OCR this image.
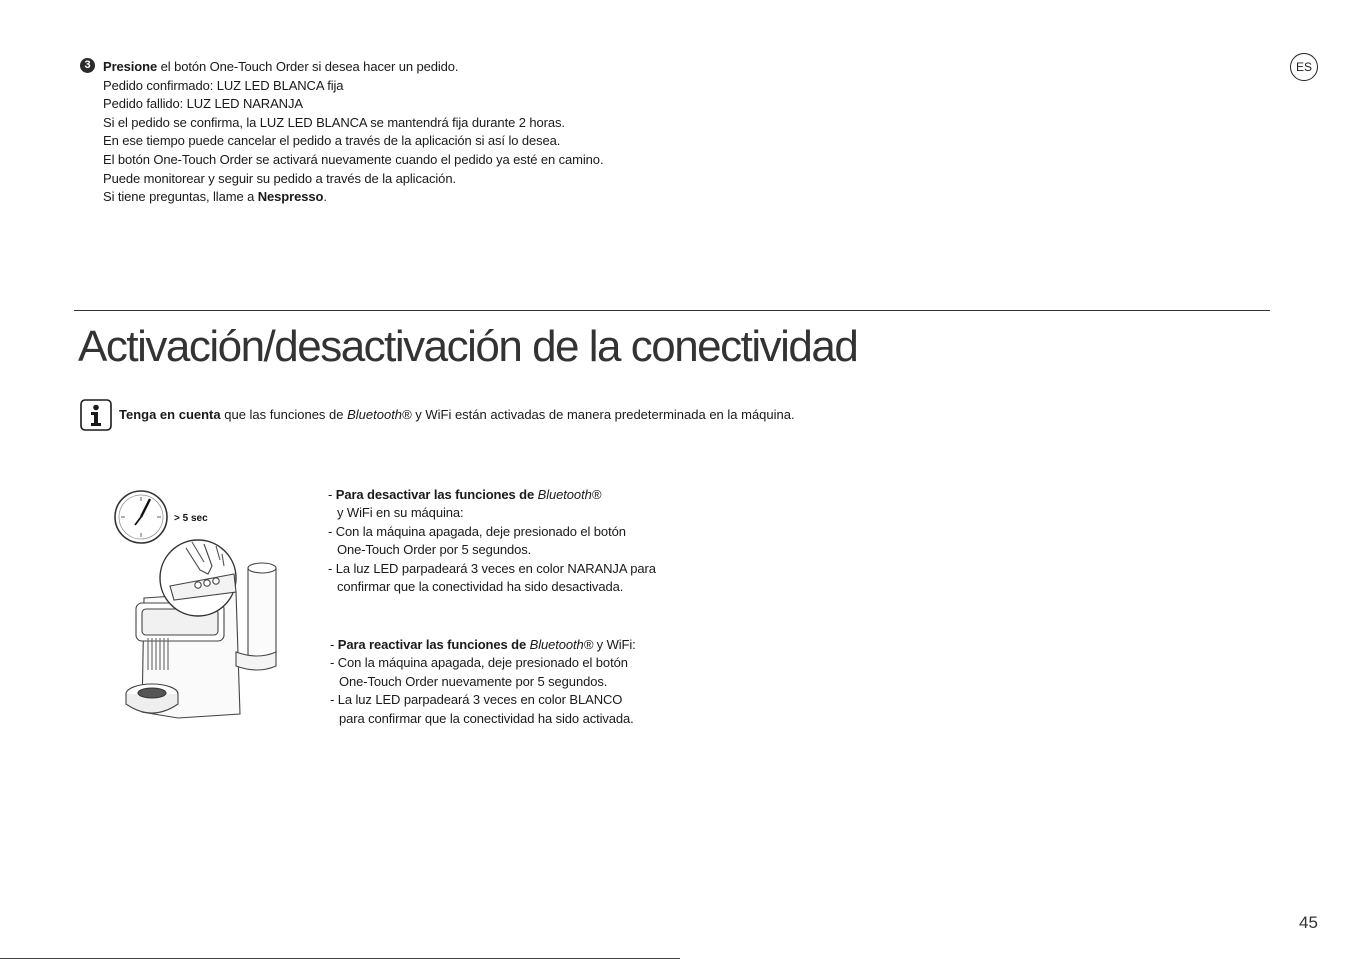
3 Presione el botón One-Touch Order si desea hacer un pedido.
Pedido confirmado: LUZ LED BLANCA fija
Pedido fallido: LUZ LED NARANJA
Si el pedido se confirma, la LUZ LED BLANCA se mantendrá fija durante 2 horas.
En ese tiempo puede cancelar el pedido a través de la aplicación si así lo desea.
El botón One-Touch Order se activará nuevamente cuando el pedido ya esté en camino.
Puede monitorear y seguir su pedido a través de la aplicación.
Si tiene preguntas, llame a Nespresso.
ES
Activación/desactivación de la conectividad
Tenga en cuenta que las funciones de Bluetooth® y WiFi están activadas de manera predeterminada en la máquina.
> 5 sec
- Para desactivar las funciones de Bluetooth®
y WiFi en su máquina:
- Con la máquina apagada, deje presionado el botón
One-Touch Order por 5 segundos.
- La luz LED parpadeará 3 veces en color NARANJA para
confirmar que la conectividad ha sido desactivada.
- Para reactivar las funciones de Bluetooth® y WiFi:
- Con la máquina apagada, deje presionado el botón
One-Touch Order nuevamente por 5 segundos.
- La luz LED parpadeará 3 veces en color BLANCO
para confirmar que la conectividad ha sido activada.
45
